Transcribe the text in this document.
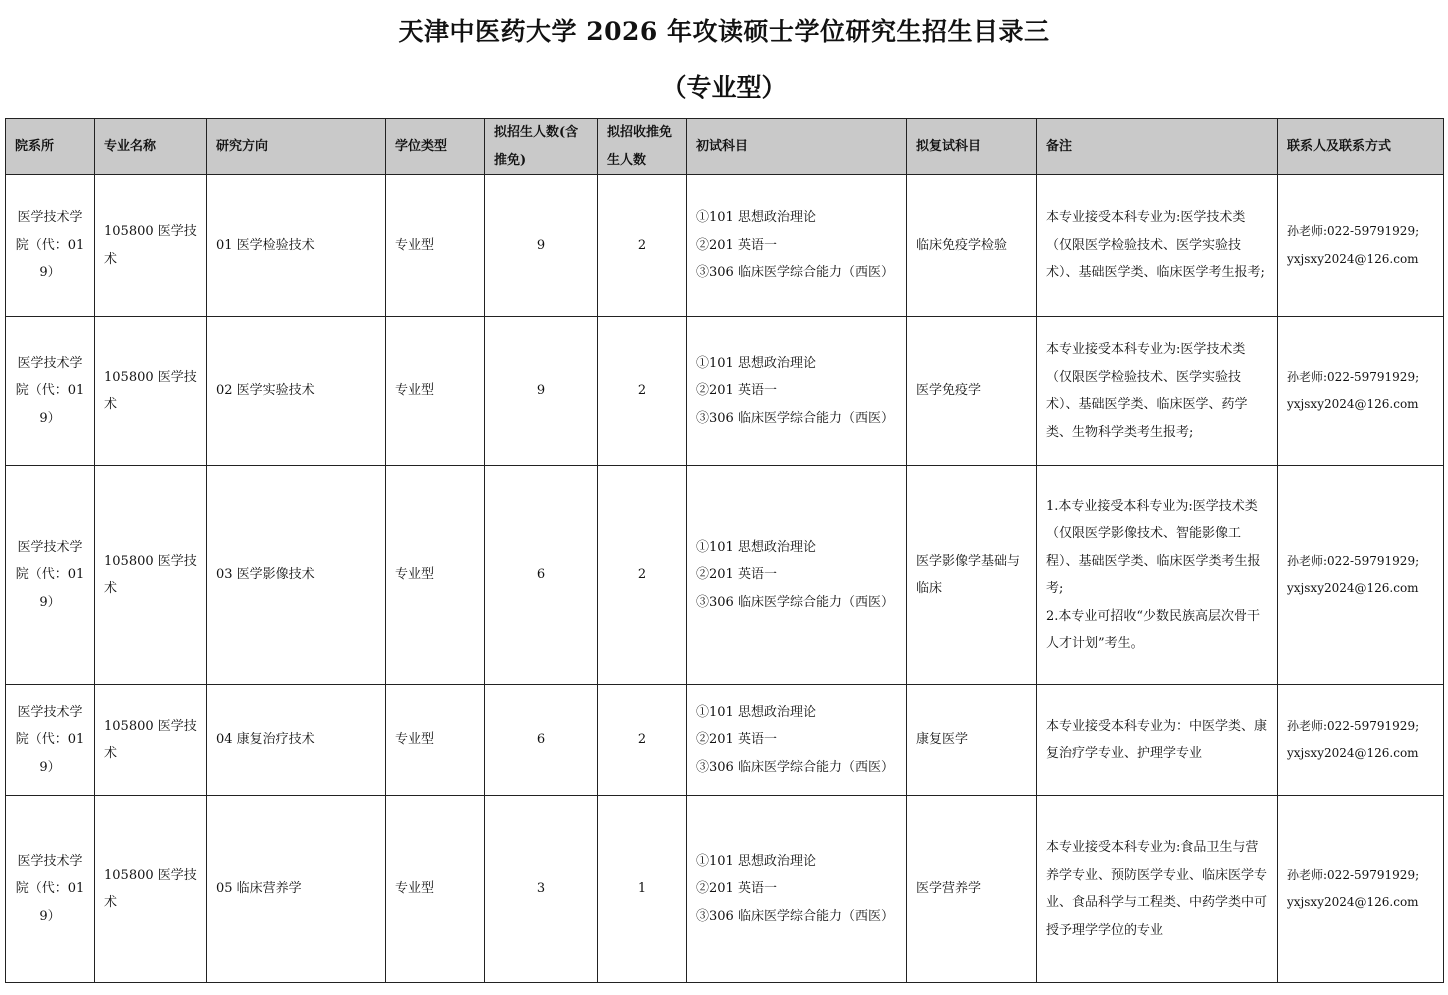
天津中医药大学 2026 年攻读硕士学位研究生招生目录三
（专业型）
院系所	专业名称	研究方向	学位类型	拟招生人数(含推免)	拟招收推免生人数	初试科目	拟复试科目	备注	联系人及联系方式
医学技术学院（代：019）	105800 医学技术	01 医学检验技术	专业型	9	2	①101 思想政治理论
②201 英语一
③306 临床医学综合能力（西医）	临床免疫学检验	本专业接受本科专业为:医学技术类（仅限医学检验技术、医学实验技术）、基础医学类、临床医学考生报考;	孙老师:022-59791929;
yxjsxy2024@126.com

医学技术学院（代：019）	105800 医学技术	02 医学实验技术	专业型	9	2	①101 思想政治理论
②201 英语一
③306 临床医学综合能力（西医）	医学免疫学	本专业接受本科专业为:医学技术类（仅限医学检验技术、医学实验技术）、基础医学类、临床医学、药学类、生物科学类考生报考;	孙老师:022-59791929;
yxjsxy2024@126.com

医学技术学院（代：019）	105800 医学技术	03 医学影像技术	专业型	6	2	①101 思想政治理论
②201 英语一
③306 临床医学综合能力（西医）	医学影像学基础与临床	1.本专业接受本科专业为:医学技术类（仅限医学影像技术、智能影像工程）、基础医学类、临床医学类考生报考;
2.本专业可招收“少数民族高层次骨干人才计划”考生。	孙老师:022-59791929;
yxjsxy2024@126.com

医学技术学院（代：019）	105800 医学技术	04 康复治疗技术	专业型	6	2	①101 思想政治理论
②201 英语一
③306 临床医学综合能力（西医）	康复医学	本专业接受本科专业为：中医学类、康复治疗学专业、护理学专业	孙老师:022-59791929;
yxjsxy2024@126.com

医学技术学院（代：019）	105800 医学技术	05 临床营养学	专业型	3	1	①101 思想政治理论
②201 英语一
③306 临床医学综合能力（西医）	医学营养学	本专业接受本科专业为:食品卫生与营养学专业、预防医学专业、临床医学专业、食品科学与工程类、中药学类中可授予理学学位的专业	孙老师:022-59791929;
yxjsxy2024@126.com
